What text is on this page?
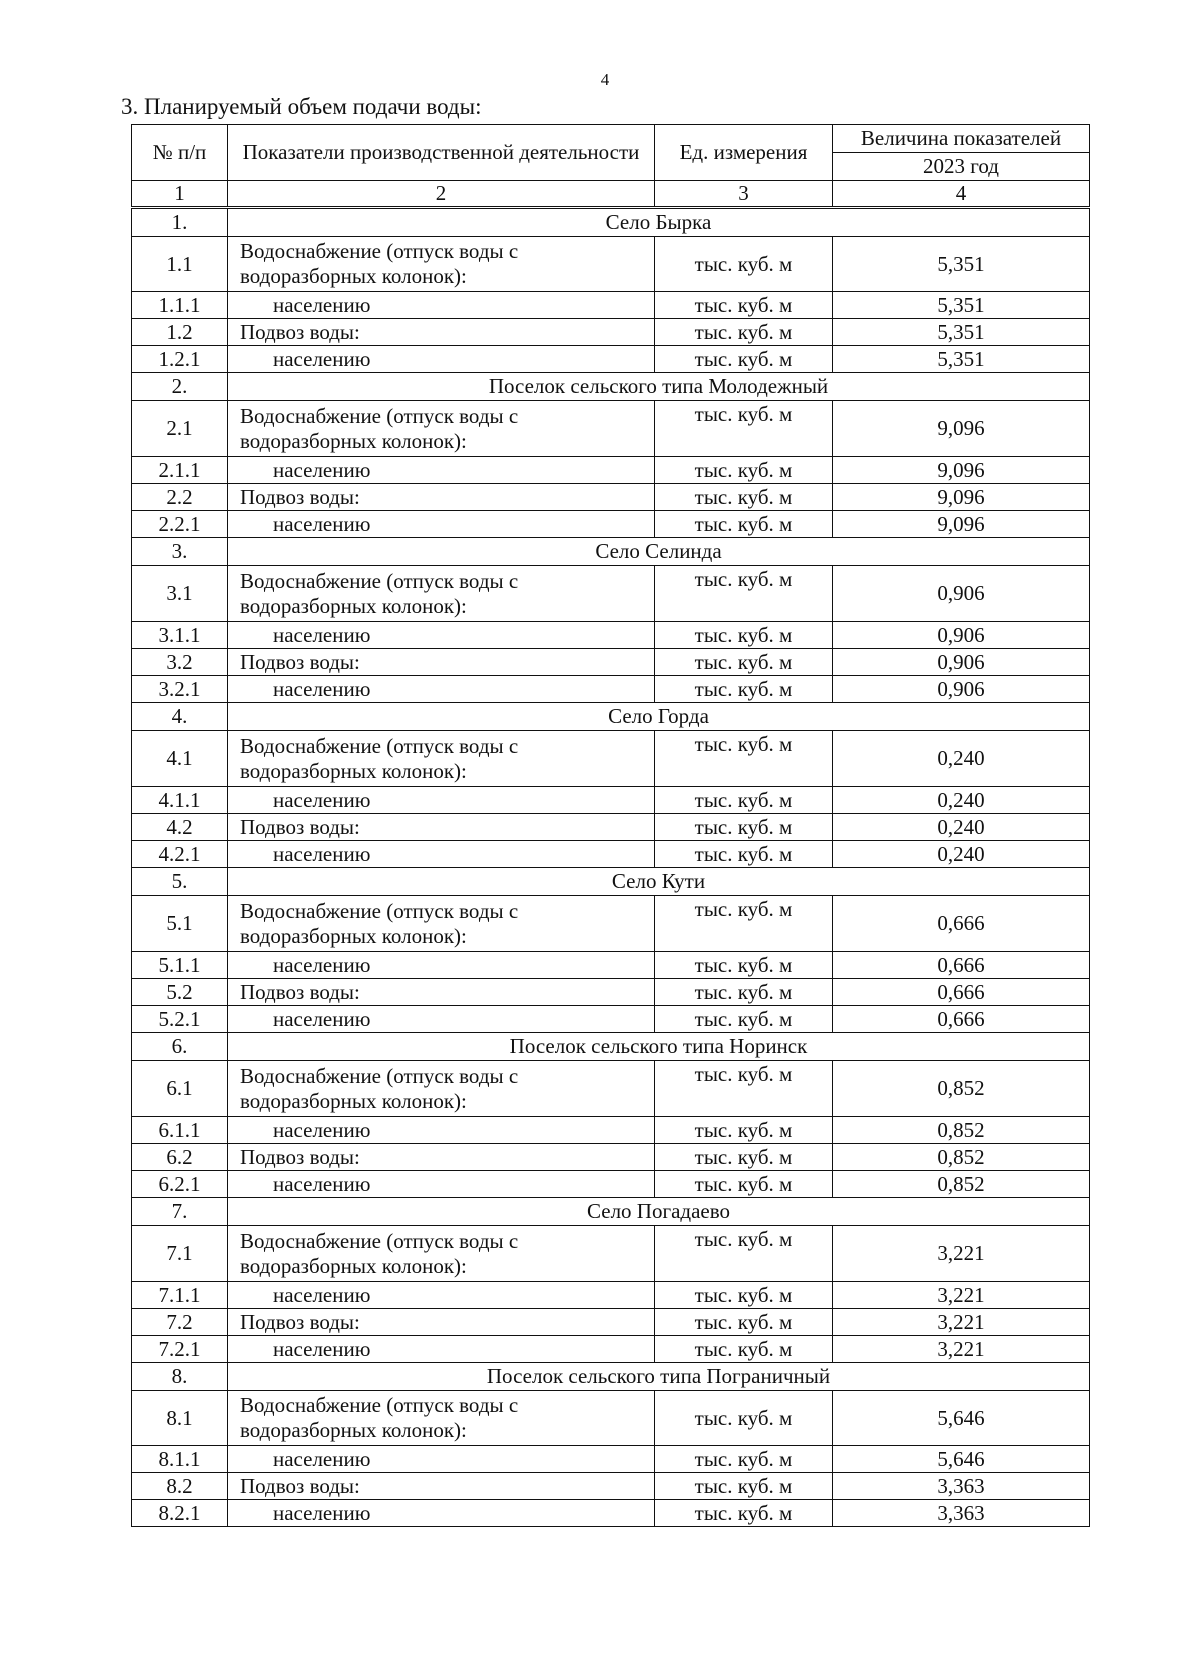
4
3. Планируемый объем подачи воды:
№ п/п	Показатели производственной деятельности	Ед. измерения	Величина показателей
			2023 год
1	2	3	4
1.	Село Бырка		
1.1	Водоснабжение (отпуск воды с водоразборных колонок):	тыс. куб. м	5,351
1.1.1	населению	тыс. куб. м	5,351
1.2	Подвоз воды:	тыс. куб. м	5,351
1.2.1	населению	тыс. куб. м	5,351
2.	Поселок сельского типа Молодежный		
2.1	Водоснабжение (отпуск воды с водоразборных колонок):	тыс. куб. м	9,096
2.1.1	населению	тыс. куб. м	9,096
2.2	Подвоз воды:	тыс. куб. м	9,096
2.2.1	населению	тыс. куб. м	9,096
3.	Село Селинда		
3.1	Водоснабжение (отпуск воды с водоразборных колонок):	тыс. куб. м	0,906
3.1.1	населению	тыс. куб. м	0,906
3.2	Подвоз воды:	тыс. куб. м	0,906
3.2.1	населению	тыс. куб. м	0,906
4.	Село Горда		
4.1	Водоснабжение (отпуск воды с водоразборных колонок):	тыс. куб. м	0,240
4.1.1	населению	тыс. куб. м	0,240
4.2	Подвоз воды:	тыс. куб. м	0,240
4.2.1	населению	тыс. куб. м	0,240
5.	Село Кути		
5.1	Водоснабжение (отпуск воды с водоразборных колонок):	тыс. куб. м	0,666
5.1.1	населению	тыс. куб. м	0,666
5.2	Подвоз воды:	тыс. куб. м	0,666
5.2.1	населению	тыс. куб. м	0,666
6.	Поселок сельского типа Норинск		
6.1	Водоснабжение (отпуск воды с водоразборных колонок):	тыс. куб. м	0,852
6.1.1	населению	тыс. куб. м	0,852
6.2	Подвоз воды:	тыс. куб. м	0,852
6.2.1	населению	тыс. куб. м	0,852
7.	Село Погадаево		
7.1	Водоснабжение (отпуск воды с водоразборных колонок):	тыс. куб. м	3,221
7.1.1	населению	тыс. куб. м	3,221
7.2	Подвоз воды:	тыс. куб. м	3,221
7.2.1	населению	тыс. куб. м	3,221
8.	Поселок сельского типа Пограничный		
8.1	Водоснабжение (отпуск воды с водоразборных колонок):	тыс. куб. м	5,646
8.1.1	населению	тыс. куб. м	5,646
8.2	Подвоз воды:	тыс. куб. м	3,363
8.2.1	населению	тыс. куб. м	3,363
